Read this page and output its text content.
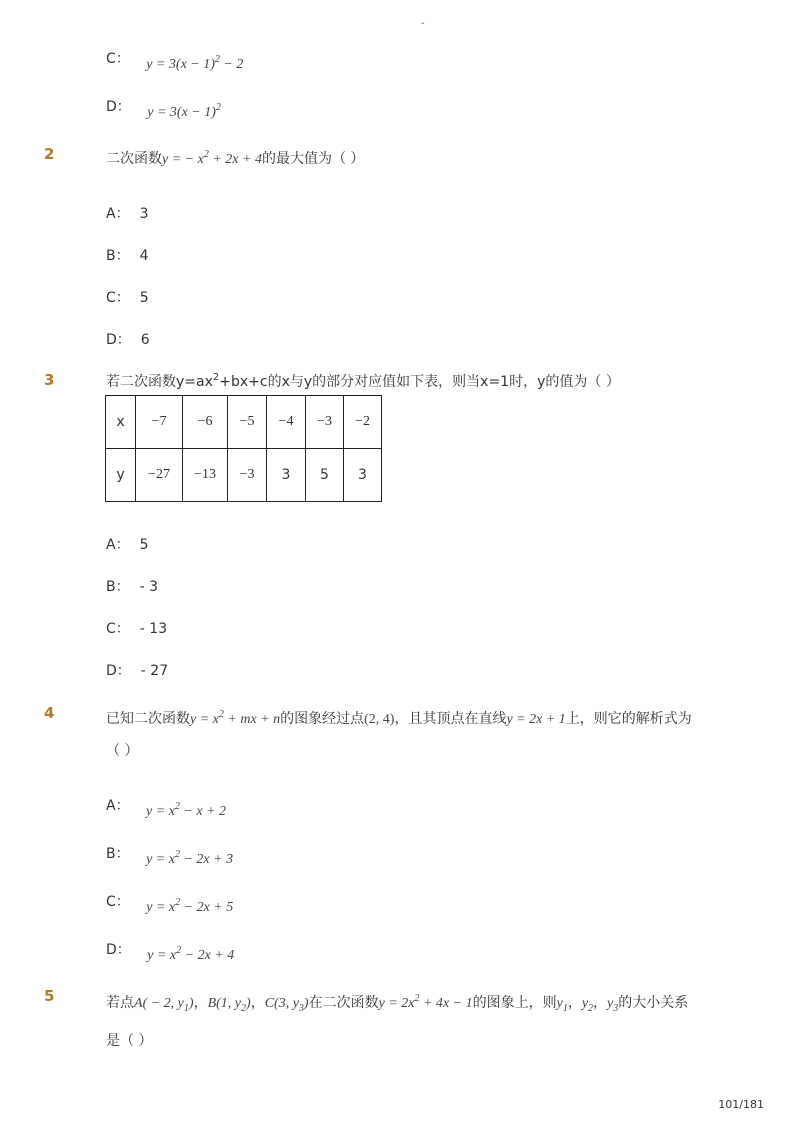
-
C： $y = 3(x - 1)^2 - 2$
D： $y = 3(x - 1)^2$
2	二次函数y = − $x^2 + 2x + 4$的最大值为（ ）
A： 3
B： 4
C： 5
D： 6
3	若二次函数$y=ax^2+bx+c$的x与y的部分对应值如下表，则当x=1时，y的值为（ ）
x	−7	−6	−5	−4	−3	−2
y	−27	−13	−3	3	5	3
A： 5
B： - 3
C： - 13
D： - 27
4	已知二次函数$y = x^2$ + mx + n的图象经过点(2, 4)，且其顶点在直线y = 2x + 1上，则它的解析式为
（ ）
A： $y = x^2 - x + 2$
B： $y = x^2 - 2x + 3$
C： $y = x^2 - 2x + 5$
D： $y = x^2 - 2x + 4$
5	若点A( − 2, $y_1$)，B(1, $y_2$)，C(3, $y_3$)在二次函数$y = 2x^2 + 4x - 1$的图象上，则$y_1$，$y_2$，$y_3$的大小关系
是（ ）
101/181
